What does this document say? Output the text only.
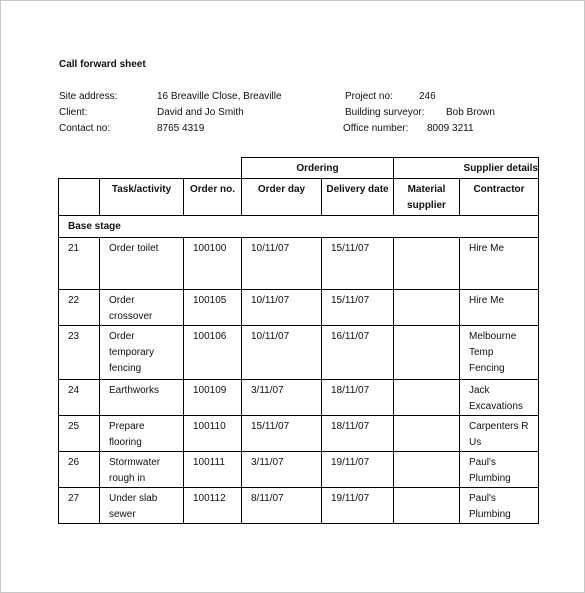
Call forward sheet
Site address:	16 Breaville Close, Breaville
Client:	David and Jo Smith
Contact no:	8765 4319
Project no:	246
Building surveyor: Bob Brown
Office number: 8009 3211
			Ordering		Supplier details	
	Task/activity	Order no.	Order day	Delivery date	Material supplier	Contractor
Base stage						
21	Order toilet	100100	10/11/07	15/11/07		Hire Me
22	Order crossover	100105	10/11/07	15/11/07		Hire Me
23	Order temporary fencing	100106	10/11/07	16/11/07		Melbourne Temp Fencing
24	Earthworks	100109	3/11/07	18/11/07		Jack Excavations
25	Prepare flooring	100110	15/11/07	18/11/07		Carpenters R Us
26	Stormwater rough in	100111	3/11/07	19/11/07		Paul's Plumbing
27	Under slab sewer	100112	8/11/07	19/11/07		Paul's Plumbing
